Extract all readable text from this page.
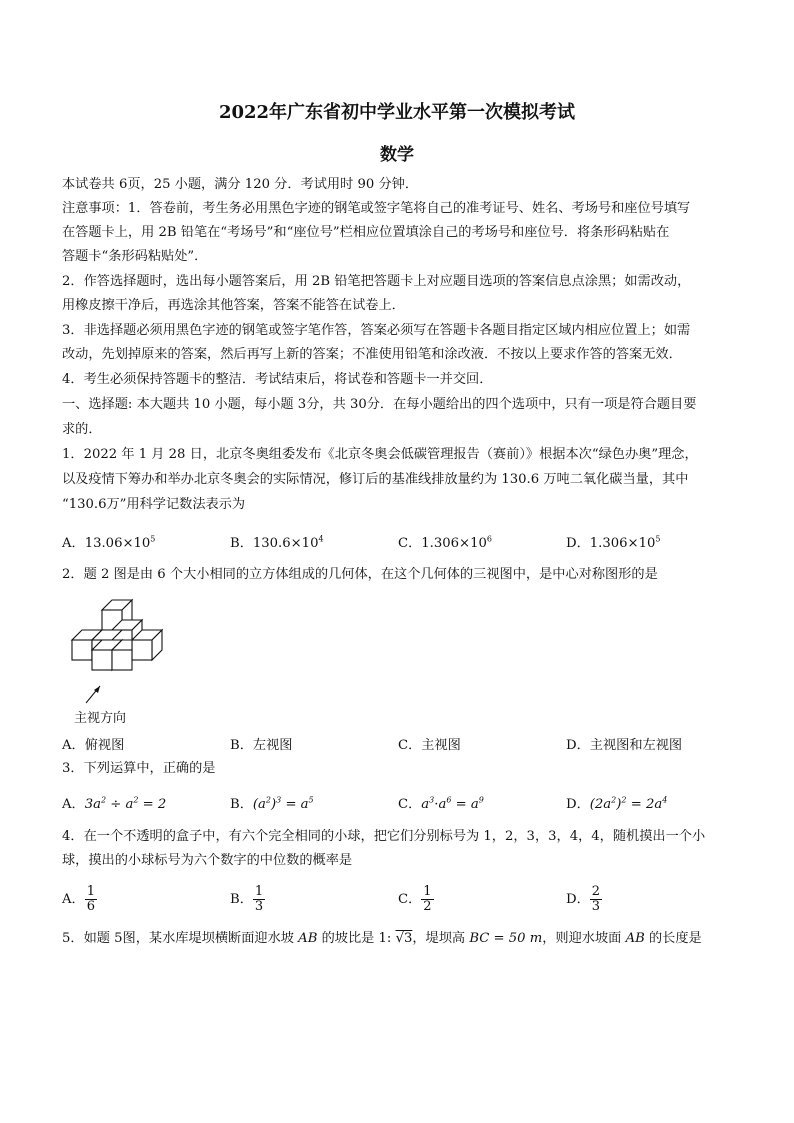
2022年广东省初中学业水平第一次模拟考试
数学
本试卷共 6页，25 小题，满分 120 分．考试用时 90 分钟．
注意事项：1．答卷前，考生务必用黑色字迹的钢笔或签字笔将自己的准考证号、姓名、考场号和座位号填写
在答题卡上，用 2B 铅笔在“考场号”和“座位号”栏相应位置填涂自己的考场号和座位号．将条形码粘贴在
答题卡“条形码粘贴处”．
2．作答选择题时，选出每小题答案后，用 2B 铅笔把答题卡上对应题目选项的答案信息点涂黑；如需改动，
用橡皮擦干净后，再选涂其他答案，答案不能答在试卷上．
3．非选择题必须用黑色字迹的钢笔或签字笔作答，答案必须写在答题卡各题目指定区域内相应位置上；如需
改动，先划掉原来的答案，然后再写上新的答案；不准使用铅笔和涂改液．不按以上要求作答的答案无效．
4．考生必须保持答题卡的整洁．考试结束后，将试卷和答题卡一并交回．
一、选择题: 本大题共 10 小题，每小题 3分，共 30分．在每小题给出的四个选项中，只有一项是符合题目要
求的．
1．2022 年 1 月 28 日，北京冬奥组委发布《北京冬奥会低碳管理报告（赛前）》根据本次“绿色办奥”理念，
以及疫情下筹办和举办北京冬奥会的实际情况，修订后的基准线排放量约为 130.6 万吨二氧化碳当量，其中
“130.6万”用科学记数法表示为
A．$13.06\times 10^5$	B．$130.6\times 10^4$	C．$1.306\times 10^6$	D．$1.306\times 10^5$
2．题 2 图是由 6 个大小相同的立方体组成的几何体，在这个几何体的三视图中，是中心对称图形的是
主视方向
A．俯视图	B．左视图	C．主视图	D．主视图和左视图
3．下列运算中，正确的是
A．$3a^2 \div a^2 = 2$	B．$(a^2)^3 = a^5$	C．$a^3\cdot a^6 = a^9$	D．$(2a^2)^2 = 2a^4$
4．在一个不透明的盒子中，有六个完全相同的小球，把它们分别标号为 1，2，3，3，4，4，随机摸出一个小
球，摸出的小球标号为六个数字的中位数的概率是
A． $\frac{1}{6}$	B． $\frac{1}{3}$	C． $\frac{1}{2}$	D． $\frac{2}{3}$
5．如题 5图，某水库堤坝横断面迎水坡 AB 的坡比是 1: √3，堤坝高 BC = 50 m，则迎水坡面 AB 的长度是
